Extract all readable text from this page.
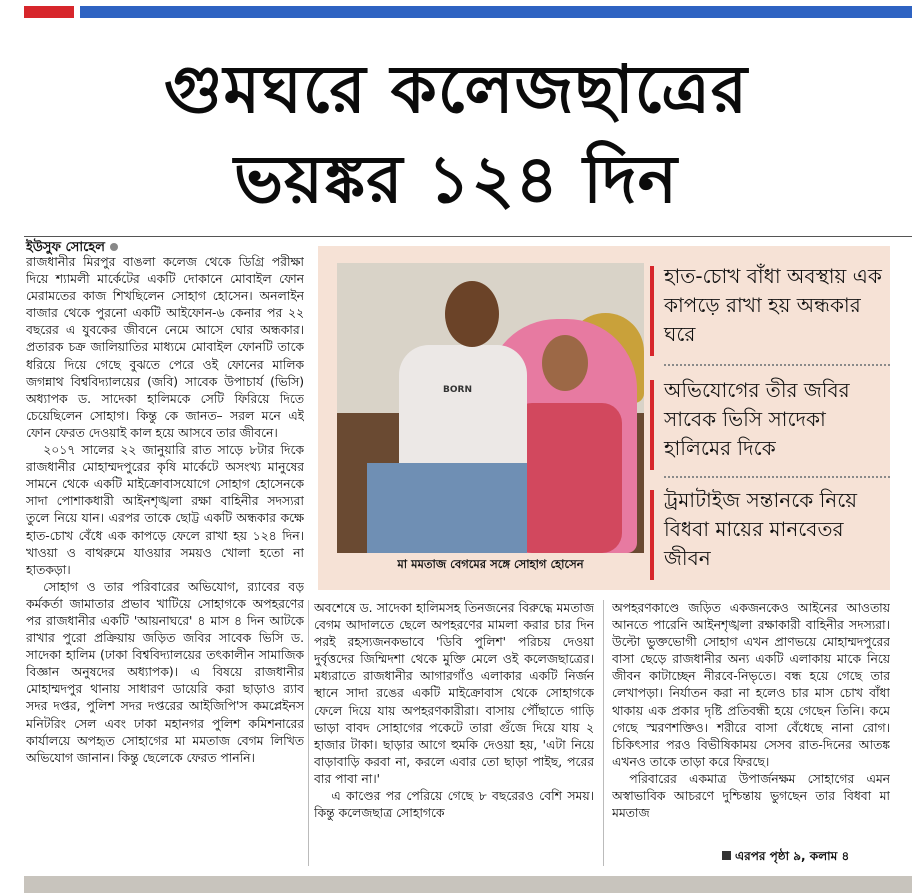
গুমঘরে কলেজছাত্রের
ভয়ঙ্কর ১২৪ দিন
ইউসুফ সোহেল

রাজধানীর মিরপুর বাঙলা কলেজ থেকে ডিগ্রি পরীক্ষা দিয়ে শ্যামলী মার্কেটের একটি দোকানে মোবাইল ফোন মেরামতের কাজ শিখছিলেন সোহাগ হোসেন। অনলাইন বাজার থেকে পুরনো একটি আইফোন-৬ কেনার পর ২২ বছরের এ যুবকের জীবনে নেমে আসে ঘোর অন্ধকার। প্রতারক চক্র জালিয়াতির মাধ্যমে মোবাইল ফোনটি তাকে ধরিয়ে দিয়ে গেছে বুঝতে পেরে ওই ফোনের মালিক জগন্নাথ বিশ্ববিদ্যালয়ের (জবি) সাবেক উপাচার্য (ভিসি) অধ্যাপক ড. সাদেকা হালিমকে সেটি ফিরিয়ে দিতে চেয়েছিলেন সোহাগ। কিন্তু কে জানত– সরল মনে এই ফোন ফেরত দেওয়াই কাল হয়ে আসবে তার জীবনে।

২০১৭ সালের ২২ জানুয়ারি রাত সাড়ে ৮টার দিকে রাজধানীর মোহাম্মদপুরের কৃষি মার্কেটে অসংখ্য মানুষের সামনে থেকে একটি মাইক্রোবাসযোগে সোহাগ হোসেনকে সাদা পোশাকধারী আইনশৃঙ্খলা রক্ষা বাহিনীর সদস্যরা তুলে নিয়ে যান। এরপর তাকে ছোট্ট একটি অন্ধকার কক্ষে হাত-চোখ বেঁধে এক কাপড়ে ফেলে রাখা হয় ১২৪ দিন। খাওয়া ও বাথরুমে যাওয়ার সময়ও খোলা হতো না হাতকড়া।

সোহাগ ও তার পরিবারের অভিযোগ, র‍্যাবের বড় কর্মকর্তা জামাতার প্রভাব খাটিয়ে সোহাগকে অপহরণের পর রাজধানীর একটি 'আয়নাঘরে' ৪ মাস ৪ দিন আটকে রাখার পুরো প্রক্রিয়ায় জড়িত জবির সাবেক ভিসি ড. সাদেকা হালিম (ঢাকা বিশ্ববিদ্যালয়ের তৎকালীন সামাজিক বিজ্ঞান অনুষদের অধ্যাপক)। এ বিষয়ে রাজধানীর মোহাম্মদপুর থানায় সাধারণ ডায়েরি করা ছাড়াও র‍্যাব সদর দপ্তর, পুলিশ সদর দপ্তরের আইজিপি'স কমপ্লেইনস মনিটরিং সেল এবং ঢাকা মহানগর পুলিশ কমিশনারের কার্যালয়ে অপহৃত সোহাগের মা মমতাজ বেগম লিখিত অভিযোগ জানান। কিন্তু ছেলেকে ফেরত পাননি।

BORN
মা মমতাজ বেগমের সঙ্গে সোহাগ হোসেন
হাত-চোখ বাঁধা অবস্থায় এক কাপড়ে রাখা হয় অন্ধকার ঘরে
অভিযোগের তীর জবির সাবেক ভিসি সাদেকা হালিমের দিকে
ট্রমাটাইজ সন্তানকে নিয়ে বিধবা মায়ের মানবেতর জীবন

অবশেষে ড. সাদেকা হালিমসহ তিনজনের বিরুদ্ধে মমতাজ বেগম আদালতে ছেলে অপহরণের মামলা করার চার দিন পরই রহস্যজনকভাবে 'ডিবি পুলিশ' পরিচয় দেওয়া দুর্বৃত্তদের জিম্মিদশা থেকে মুক্তি মেলে ওই কলেজছাত্রের। মধ্যরাতে রাজধানীর আগারগাঁও এলাকার একটি নির্জন স্থানে সাদা রঙের একটি মাইক্রোবাস থেকে সোহাগকে ফেলে দিয়ে যায় অপহরণকারীরা। বাসায় পৌঁছাতে গাড়ি ভাড়া বাবদ সোহাগের পকেটে তারা গুঁজে দিয়ে যায় ২ হাজার টাকা। ছাড়ার আগে হুমকি দেওয়া হয়, 'এটা নিয়ে বাড়াবাড়ি করবা না, করলে এবার তো ছাড়া পাইছ, পরের বার পাবা না।'

এ কাণ্ডের পর পেরিয়ে গেছে ৮ বছরেরও বেশি সময়। কিন্তু কলেজছাত্র সোহাগকে

অপহরণকাণ্ডে জড়িত একজনকেও আইনের আওতায় আনতে পারেনি আইনশৃঙ্খলা রক্ষাকারী বাহিনীর সদস্যরা। উল্টো ভুক্তভোগী সোহাগ এখন প্রাণভয়ে মোহাম্মদপুরের বাসা ছেড়ে রাজধানীর অন্য একটি এলাকায় মাকে নিয়ে জীবন কাটাচ্ছেন নীরবে-নিভৃতে। বন্ধ হয়ে গেছে তার লেখাপড়া। নির্যাতন করা না হলেও চার মাস চোখ বাঁধা থাকায় এক প্রকার দৃষ্টি প্রতিবন্ধী হয়ে গেছেন তিনি। কমে গেছে স্মরণশক্তিও। শরীরে বাসা বেঁধেছে নানা রোগ। চিকিৎসার পরও বিভীষিকাময় সেসব রাত-দিনের আতঙ্ক এখনও তাকে তাড়া করে ফিরছে।

পরিবারের একমাত্র উপার্জনক্ষম সোহাগের এমন অস্বাভাবিক আচরণে দুশ্চিন্তায় ভুগছেন তার বিধবা মা মমতাজ

এরপর পৃষ্ঠা ৯, কলাম ৪
